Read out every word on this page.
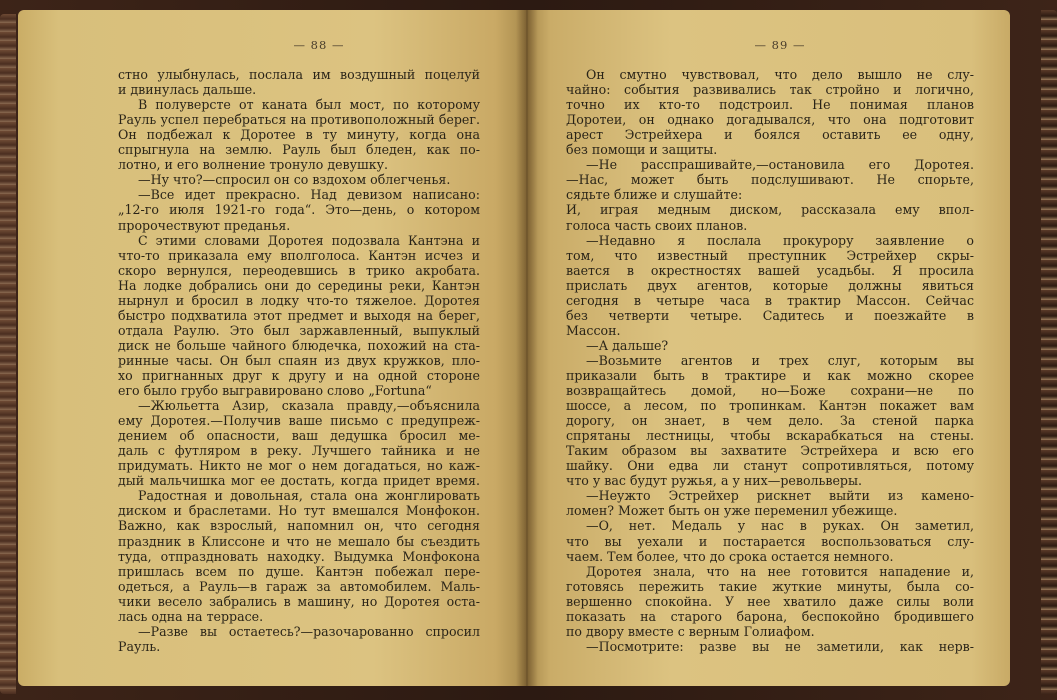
— 88 —
стно улыбнулась, послала им воздушный поцелуй
и двинулась дальше.
В полуверсте от каната был мост, по которому
Рауль успел перебраться на противоположный берег.
Он подбежал к Доротее в ту минуту, когда она
спрыгнула на землю. Рауль был бледен, как по-
лотно, и его волнение тронуло девушку.
—Ну что?—спросил он со вздохом облегченья.
—Все идет прекрасно. Над девизом написано:
„12-го июля 1921-го года“. Это—день, о котором
пророчествуют преданья.
С этими словами Доротея подозвала Кантэна и
что-то приказала ему вполголоса. Кантэн исчез и
скоро вернулся, переодевшись в трико акробата.
На лодке добрались они до середины реки, Кантэн
нырнул и бросил в лодку что-то тяжелое. Доротея
быстро подхватила этот предмет и выходя на берег,
отдала Раулю. Это был заржавленный, выпуклый
диск не больше чайного блюдечка, похожий на ста-
ринные часы. Он был спаян из двух кружков, пло-
хо пригнанных друг к другу и на одной стороне
его было грубо выгравировано слово „Fortuna“
—Жюльетта Азир, сказала правду,—объяснила
ему Доротея.—Получив ваше письмо с предупреж-
дением об опасности, ваш дедушка бросил ме-
даль с футляром в реку. Лучшего тайника и не
придумать. Никто не мог о нем догадаться, но каж-
дый мальчишка мог ее достать, когда придет время.
Радостная и довольная, стала она жонглировать
диском и браслетами. Но тут вмешался Монфокон.
Важно, как взрослый, напомнил он, что сегодня
праздник в Клиссоне и что не мешало бы съездить
туда, отпраздновать находку. Выдумка Монфокона
пришлась всем по душе. Кантэн побежал пере-
одеться, а Рауль—в гараж за автомобилем. Маль-
чики весело забрались в машину, но Доротея оста-
лась одна на террасе.
—Разве вы остаетесь?—разочарованно спросил
Рауль.
— 89 —
Он смутно чувствовал, что дело вышло не слу-
чайно: события развивались так стройно и логично,
точно их кто-то подстроил. Не понимая планов
Доротеи, он однако догадывался, что она подготовит
арест Эстрейхера и боялся оставить ее одну,
без помощи и защиты.
—Не расспрашивайте,—остановила его Доротея.
—Нас, может быть подслушивают. Не спорьте,
сядьте ближе и слушайте:
И, играя медным диском, рассказала ему впол-
голоса часть своих планов.
—Недавно я послала прокурору заявление о
том, что известный преступник Эстрейхер скры-
вается в окрестностях вашей усадьбы. Я просила
прислать двух агентов, которые должны явиться
сегодня в четыре часа в трактир Массон. Сейчас
без четверти четыре. Садитесь и поезжайте в
Массон.
—А дальше?
—Возьмите агентов и трех слуг, которым вы
приказали быть в трактире и как можно скорее
возвращайтесь домой, но—Боже сохрани—не по
шоссе, а лесом, по тропинкам. Кантэн покажет вам
дорогу, он знает, в чем дело. За стеной парка
спрятаны лестницы, чтобы вскарабкаться на стены.
Таким образом вы захватите Эстрейхера и всю его
шайку. Они едва ли станут сопротивляться, потому
что у вас будут ружья, а у них—револьверы.
—Неужто Эстрейхер рискнет выйти из камено-
ломен? Может быть он уже переменил убежище.
—О, нет. Медаль у нас в руках. Он заметил,
что вы уехали и постарается воспользоваться слу-
чаем. Тем более, что до срока остается немного.
Доротея знала, что на нее готовится нападение и,
готовясь пережить такие жуткие минуты, была со-
вершенно спокойна. У нее хватило даже силы воли
показать на старого барона, беспокойно бродившего
по двору вместе с верным Голиафом.
—Посмотрите: разве вы не заметили, как нерв-
